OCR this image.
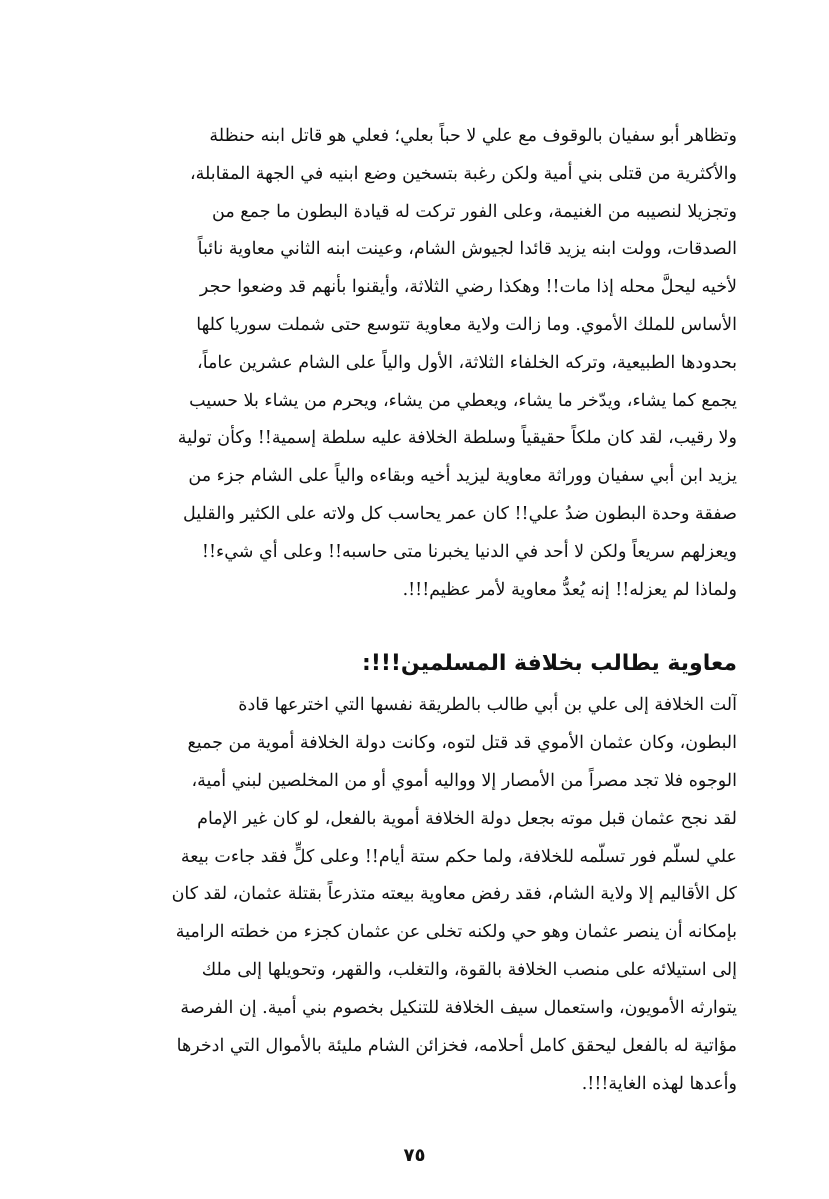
وتظاهر أبو سفيان بالوقوف مع علي لا حباً بعلي؛ فعلي هو قاتل ابنه حنظلة
والأكثرية من قتلى بني أمية ولكن رغبة بتسخين وضع ابنيه في الجهة المقابلة،
وتجزيلا لنصيبه من الغنيمة، وعلى الفور تركت له قيادة البطون ما جمع من
الصدقات، وولت ابنه يزيد قائدا لجيوش الشام، وعينت ابنه الثاني معاوية نائباً
لأخيه ليحلَّ محله إذا مات!! وهكذا رضي الثلاثة، وأيقنوا بأنهم قد وضعوا حجر
الأساس للملك الأموي. وما زالت ولاية معاوية تتوسع حتى شملت سوريا كلها
بحدودها الطبيعية، وتركه الخلفاء الثلاثة، الأول والياً على الشام عشرين عاماً،
يجمع كما يشاء، ويدّخر ما يشاء، ويعطي من يشاء، ويحرم من يشاء بلا حسيب
ولا رقيب، لقد كان ملكاً حقيقياً وسلطة الخلافة عليه سلطة إسمية!! وكأن تولية
يزيد ابن أبي سفيان ووراثة معاوية ليزيد أخيه وبقاءه والياً على الشام جزء من
صفقة وحدة البطون ضدُ علي!! كان عمر يحاسب كل ولاته على الكثير والقليل
ويعزلهم سريعاً ولكن لا أحد في الدنيا يخبرنا متى حاسبه!! وعلى أي شيء!!
ولماذا لم يعزله!! إنه يُعدُّ معاوية لأمر عظيم!!!.
معاوية يطالب بخلافة المسلمين!!!:
آلت الخلافة إلى علي بن أبي طالب بالطريقة نفسها التي اخترعها قادة
البطون، وكان عثمان الأموي قد قتل لتوه، وكانت دولة الخلافة أموية من جميع
الوجوه فلا تجد مصراً من الأمصار إلا وواليه أموي أو من المخلصين لبني أمية،
لقد نجح عثمان قبل موته بجعل دولة الخلافة أموية بالفعل، لو كان غير الإمام
علي لسلّم فور تسلّمه للخلافة، ولما حكم ستة أيام!! وعلى كلٍّ فقد جاءت بيعة
كل الأقاليم إلا ولاية الشام، فقد رفض معاوية بيعته متذرعاً بقتلة عثمان، لقد كان
بإمكانه أن ينصر عثمان وهو حي ولكنه تخلى عن عثمان كجزء من خطته الرامية
إلى استيلائه على منصب الخلافة بالقوة، والتغلب، والقهر، وتحويلها إلى ملك
يتوارثه الأمويون، واستعمال سيف الخلافة للتنكيل بخصوم بني أمية. إن الفرصة
مؤاتية له بالفعل ليحقق كامل أحلامه، فخزائن الشام مليئة بالأموال التي ادخرها
وأعدها لهذه الغاية!!!.
٧٥
